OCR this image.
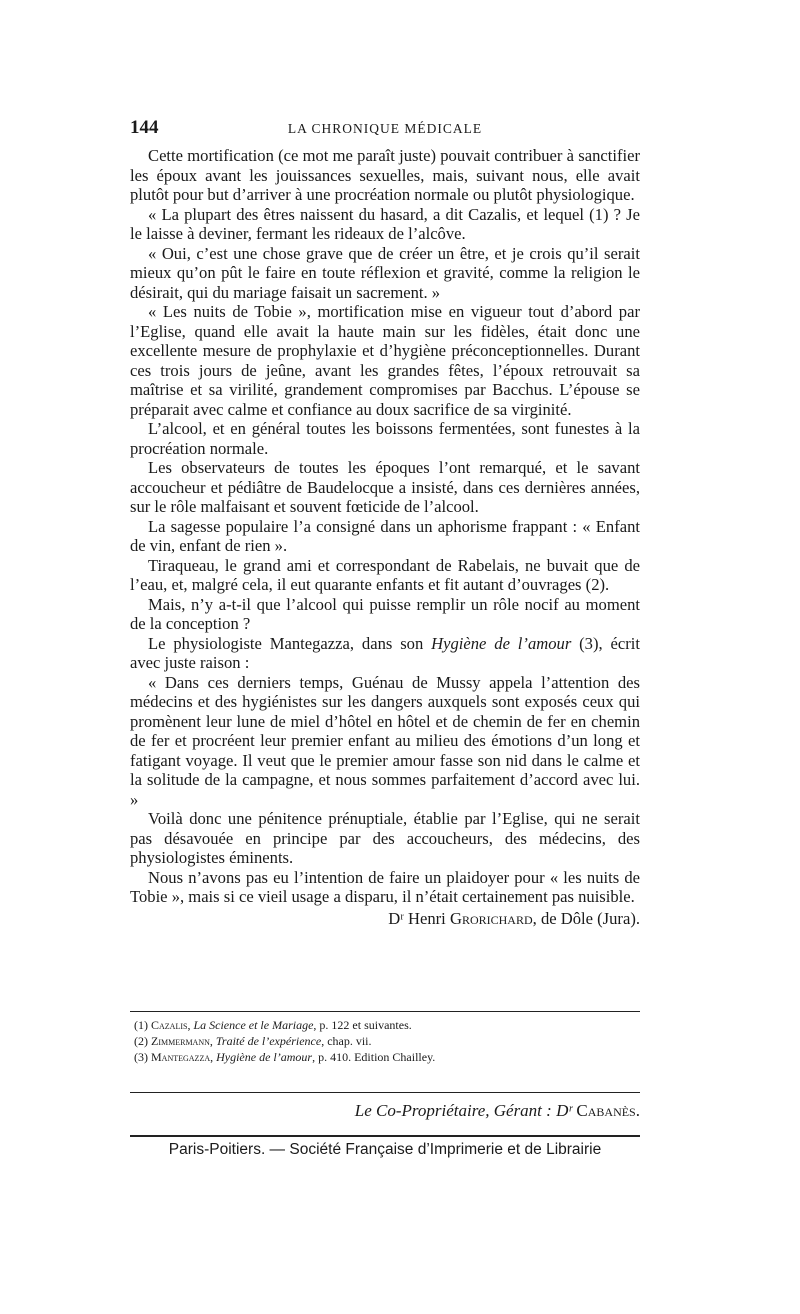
144	LA CHRONIQUE MÉDICALE

Cette mortification (ce mot me paraît juste) pouvait contribuer à sanctifier les époux avant les jouissances sexuelles, mais, suivant nous, elle avait plutôt pour but d’arriver à une procréation normale ou plutôt physiologique.

« La plupart des êtres naissent du hasard, a dit Cazalis, et lequel (1) ? Je le laisse à deviner, fermant les rideaux de l’alcôve.

« Oui, c’est une chose grave que de créer un être, et je crois qu’il serait mieux qu’on pût le faire en toute réflexion et gravité, comme la religion le désirait, qui du mariage faisait un sacrement. »

« Les nuits de Tobie », mortification mise en vigueur tout d’abord par l’Eglise, quand elle avait la haute main sur les fidèles, était donc une excellente mesure de prophylaxie et d’hygiène préconceptionnelles. Durant ces trois jours de jeûne, avant les grandes fêtes, l’époux retrouvait sa maîtrise et sa virilité, grandement compromises par Bacchus. L’épouse se préparait avec calme et confiance au doux sacrifice de sa virginité.

L’alcool, et en général toutes les boissons fermentées, sont funestes à la procréation normale.

Les observateurs de toutes les époques l’ont remarqué, et le savant accoucheur et pédiâtre de Baudelocque a insisté, dans ces dernières années, sur le rôle malfaisant et souvent fœticide de l’alcool.

La sagesse populaire l’a consigné dans un aphorisme frappant : « Enfant de vin, enfant de rien ».

Tiraqueau, le grand ami et correspondant de Rabelais, ne buvait que de l’eau, et, malgré cela, il eut quarante enfants et fit autant d’ouvrages (2).

Mais, n’y a-t-il que l’alcool qui puisse remplir un rôle nocif au moment de la conception ?

Le physiologiste Mantegazza, dans son Hygiène de l’amour (3), écrit avec juste raison :

« Dans ces derniers temps, Guénau de Mussy appela l’attention des médecins et des hygiénistes sur les dangers auxquels sont exposés ceux qui promènent leur lune de miel d’hôtel en hôtel et de chemin de fer en chemin de fer et procréent leur premier enfant au milieu des émotions d’un long et fatigant voyage. Il veut que le premier amour fasse son nid dans le calme et la solitude de la campagne, et nous sommes parfaitement d’accord avec lui. »

Voilà donc une pénitence prénuptiale, établie par l’Eglise, qui ne serait pas désavouée en principe par des accoucheurs, des médecins, des physiologistes éminents.

Nous n’avons pas eu l’intention de faire un plaidoyer pour « les nuits de Tobie », mais si ce vieil usage a disparu, il n’était certainement pas nuisible.

Dʳ Henri Grorichard, de Dôle (Jura).
(1) Cazalis, La Science et le Mariage, p. 122 et suivantes.
(2) Zimmermann, Traité de l’expérience, chap. vii.
(3) Mantegazza, Hygiène de l’amour, p. 410. Edition Chailley.
Le Co-Propriétaire, Gérant : Dʳ Cabanès.
Paris-Poitiers. — Société Française d’Imprimerie et de Librairie
